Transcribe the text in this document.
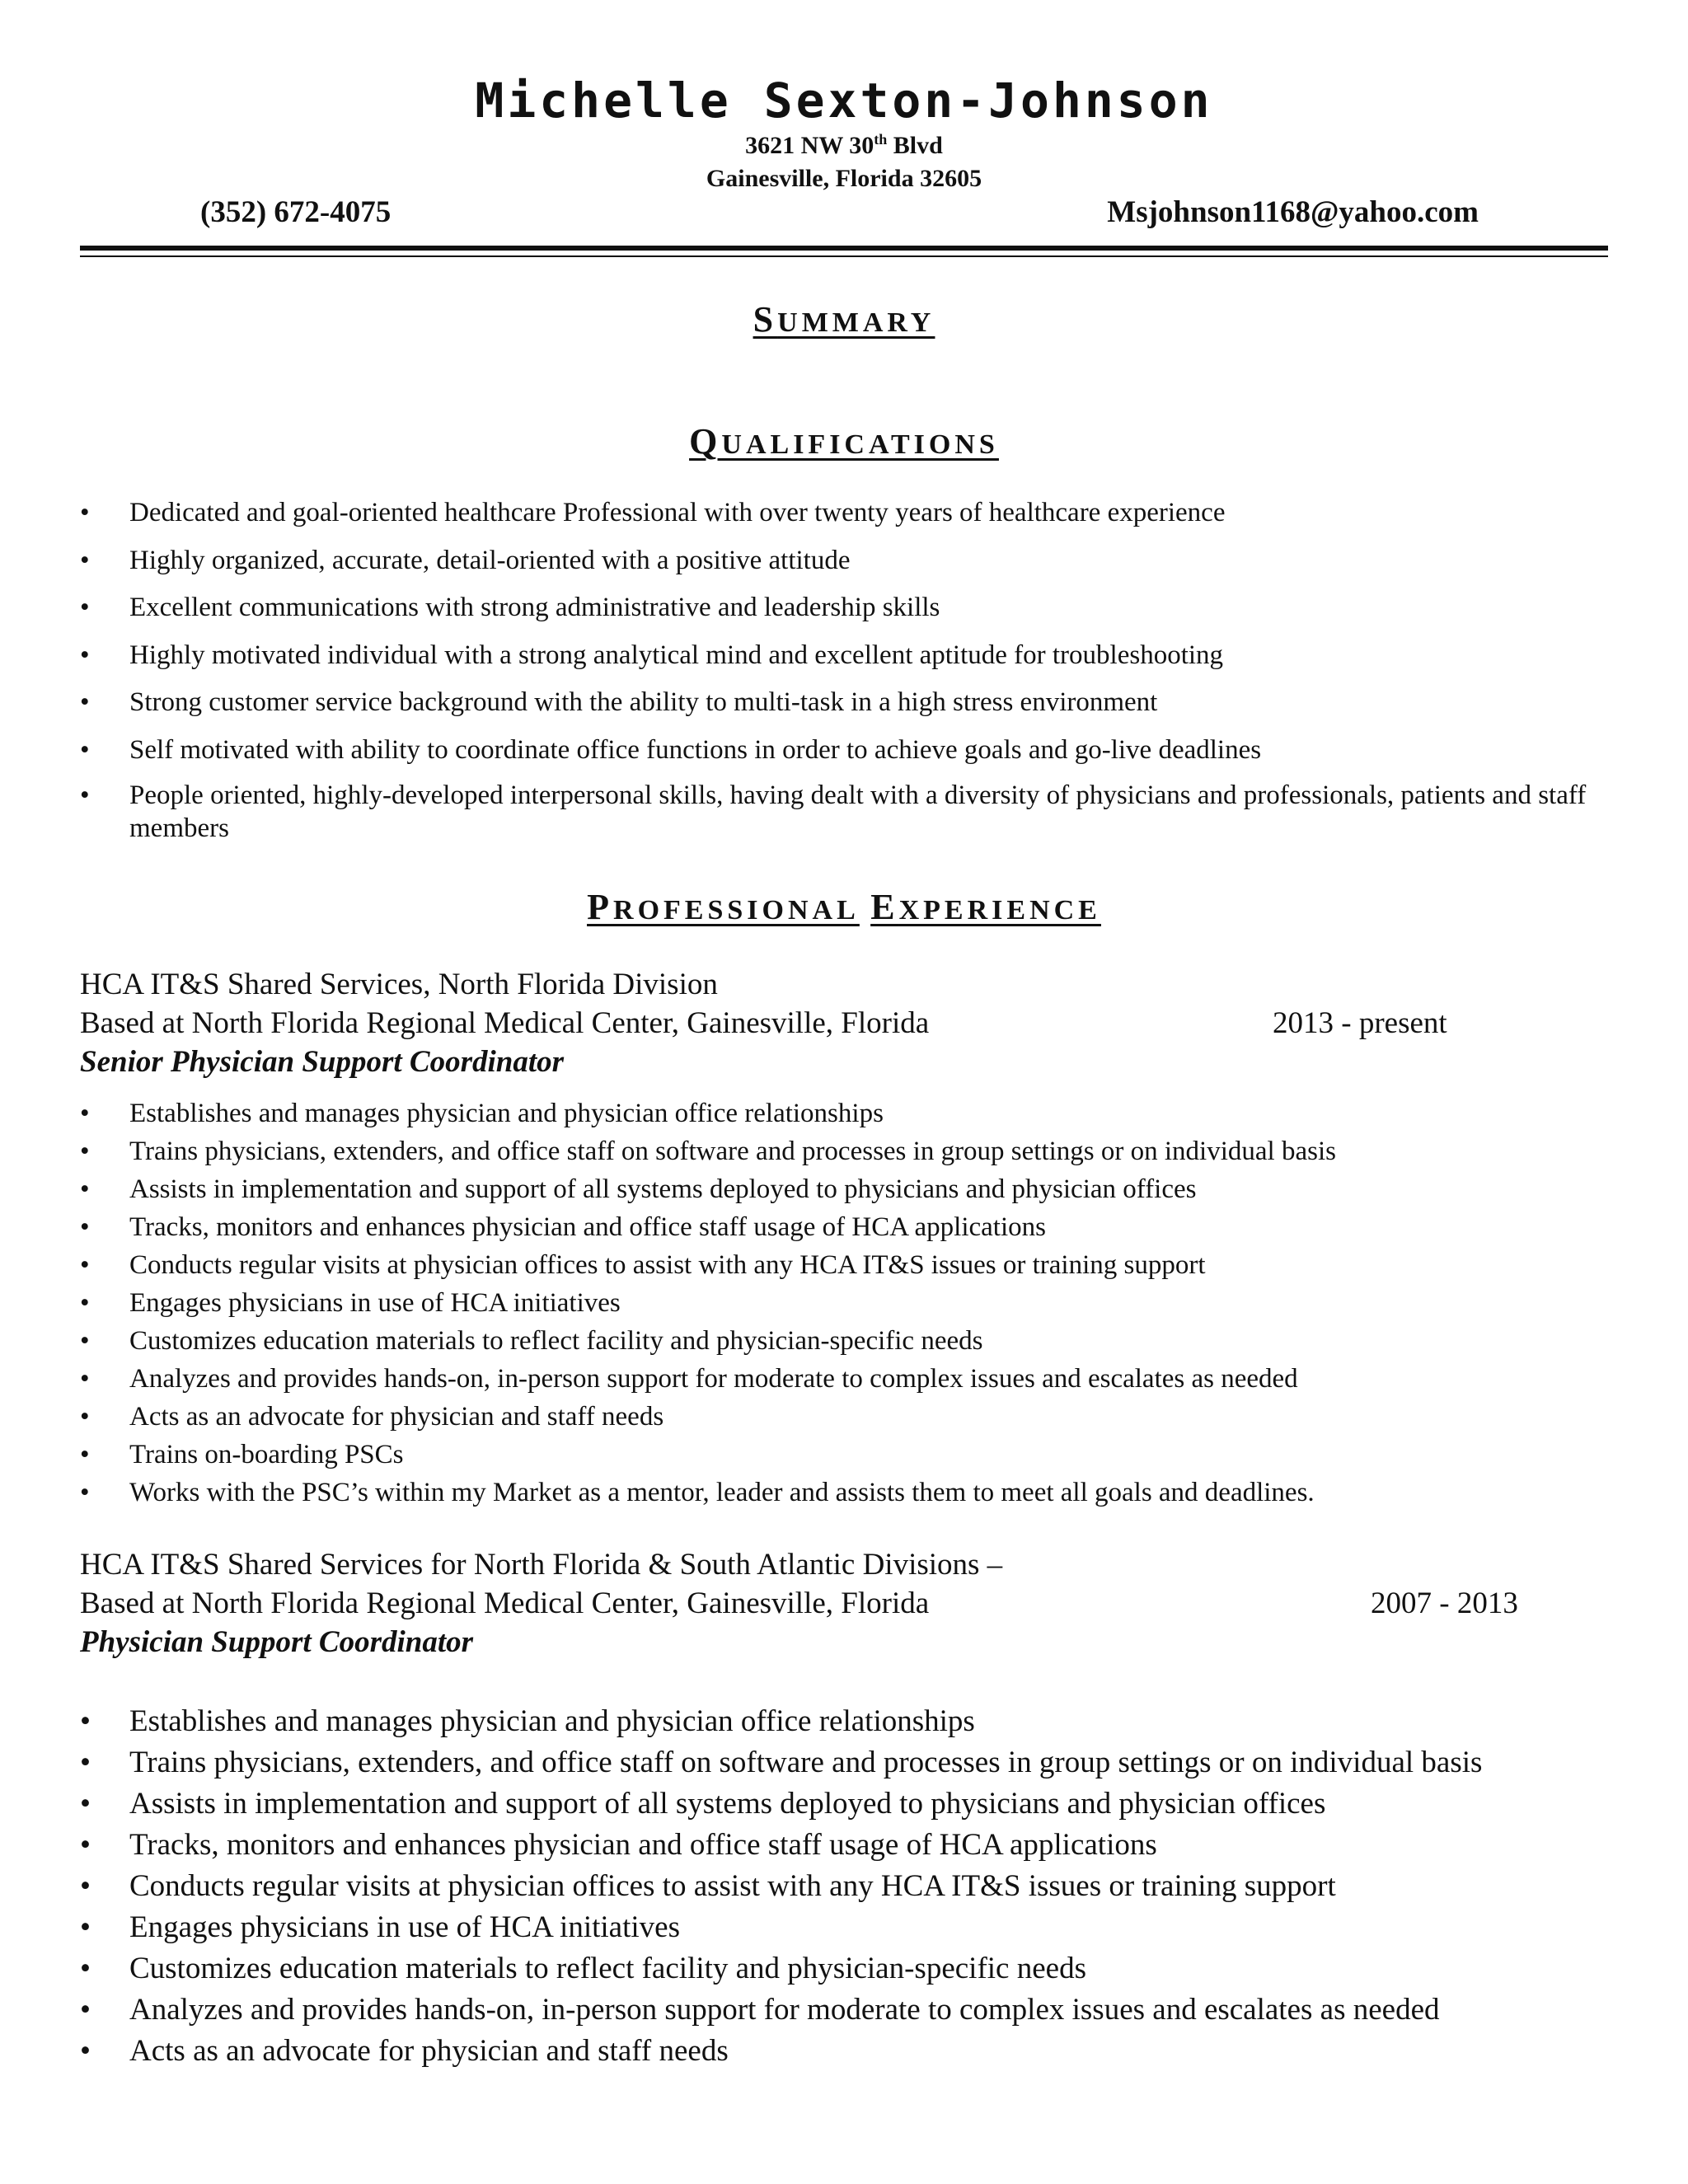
Michelle Sexton-Johnson
3621 NW 30th Blvd
Gainesville, Florida 32605
(352) 672-4075	Msjohnson1168@yahoo.com
SUMMARY
QUALIFICATIONS
• Dedicated and goal-oriented healthcare Professional with over twenty years of healthcare experience
• Highly organized, accurate, detail-oriented with a positive attitude
• Excellent communications with strong administrative and leadership skills
• Highly motivated individual with a strong analytical mind and excellent aptitude for troubleshooting
• Strong customer service background with the ability to multi-task in a high stress environment
• Self motivated with ability to coordinate office functions in order to achieve goals and go-live deadlines
• People oriented, highly-developed interpersonal skills, having dealt with a diversity of physicians and professionals, patients and staff members
PROFESSIONAL EXPERIENCE
HCA IT&S Shared Services, North Florida Division
Based at North Florida Regional Medical Center, Gainesville, Florida	2013 - present
Senior Physician Support Coordinator
• Establishes and manages physician and physician office relationships
• Trains physicians, extenders, and office staff on software and processes in group settings or on individual basis
• Assists in implementation and support of all systems deployed to physicians and physician offices
• Tracks, monitors and enhances physician and office staff usage of HCA applications
• Conducts regular visits at physician offices to assist with any HCA IT&S issues or training support
• Engages physicians in use of HCA initiatives
• Customizes education materials to reflect facility and physician-specific needs
• Analyzes and provides hands-on, in-person support for moderate to complex issues and escalates as needed
• Acts as an advocate for physician and staff needs
• Trains on-boarding PSCs
• Works with the PSC’s within my Market as a mentor, leader and assists them to meet all goals and deadlines.
HCA IT&S Shared Services for North Florida & South Atlantic Divisions –
Based at North Florida Regional Medical Center, Gainesville, Florida	2007 - 2013
Physician Support Coordinator
• Establishes and manages physician and physician office relationships
• Trains physicians, extenders, and office staff on software and processes in group settings or on individual basis
• Assists in implementation and support of all systems deployed to physicians and physician offices
• Tracks, monitors and enhances physician and office staff usage of HCA applications
• Conducts regular visits at physician offices to assist with any HCA IT&S issues or training support
• Engages physicians in use of HCA initiatives
• Customizes education materials to reflect facility and physician-specific needs
• Analyzes and provides hands-on, in-person support for moderate to complex issues and escalates as needed
• Acts as an advocate for physician and staff needs
